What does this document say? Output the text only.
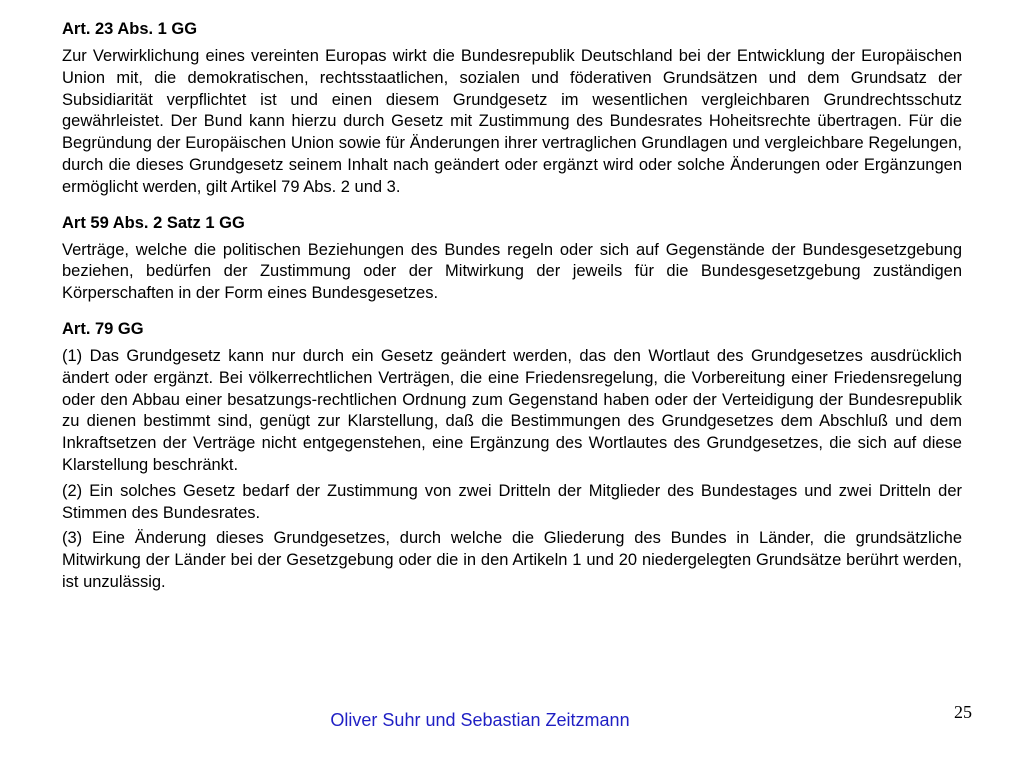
Art. 23 Abs. 1 GG
Zur Verwirklichung eines vereinten Europas wirkt die Bundesrepublik Deutschland bei der Entwicklung der Europäischen Union mit, die demokratischen, rechtsstaatlichen, sozialen und föderativen Grundsätzen und dem Grundsatz der Subsidiarität verpflichtet ist und einen diesem Grundgesetz im wesentlichen vergleichbaren Grundrechtsschutz gewährleistet. Der Bund kann hierzu durch Gesetz mit Zustimmung des Bundesrates Hoheitsrechte übertragen. Für die Begründung der Europäischen Union sowie für Änderungen ihrer vertraglichen Grundlagen und vergleichbare Regelungen, durch die dieses Grundgesetz seinem Inhalt nach geändert oder ergänzt wird oder solche Änderungen oder Ergänzungen ermöglicht werden, gilt Artikel 79 Abs. 2 und 3.
Art 59 Abs. 2 Satz 1 GG
Verträge, welche die politischen Beziehungen des Bundes regeln oder sich auf Gegenstände der Bundesgesetzgebung beziehen, bedürfen der Zustimmung oder der Mitwirkung der jeweils für die Bundesgesetzgebung zuständigen Körperschaften in der Form eines Bundesgesetzes.
Art. 79 GG
(1) Das Grundgesetz kann nur durch ein Gesetz geändert werden, das den Wortlaut des Grundgesetzes ausdrücklich ändert oder ergänzt. Bei völkerrechtlichen Verträgen, die eine Friedensregelung, die Vorbereitung einer Friedensregelung oder den Abbau einer besatzungs-rechtlichen Ordnung zum Gegenstand haben oder der Verteidigung der Bundesrepublik zu dienen bestimmt sind, genügt zur Klarstellung, daß die Bestimmungen des Grundgesetzes dem Abschluß und dem Inkraftsetzen der Verträge nicht entgegenstehen, eine Ergänzung des Wortlautes des Grundgesetzes, die sich auf diese Klarstellung beschränkt.
(2) Ein solches Gesetz bedarf der Zustimmung von zwei Dritteln der Mitglieder des Bundestages und zwei Dritteln der Stimmen des Bundesrates.
(3) Eine Änderung dieses Grundgesetzes, durch welche die Gliederung des Bundes in Länder, die grundsätzliche Mitwirkung der Länder bei der Gesetzgebung oder die in den Artikeln 1 und 20 niedergelegten Grundsätze berührt werden, ist unzulässig.
Oliver Suhr und Sebastian Zeitzmann	25
